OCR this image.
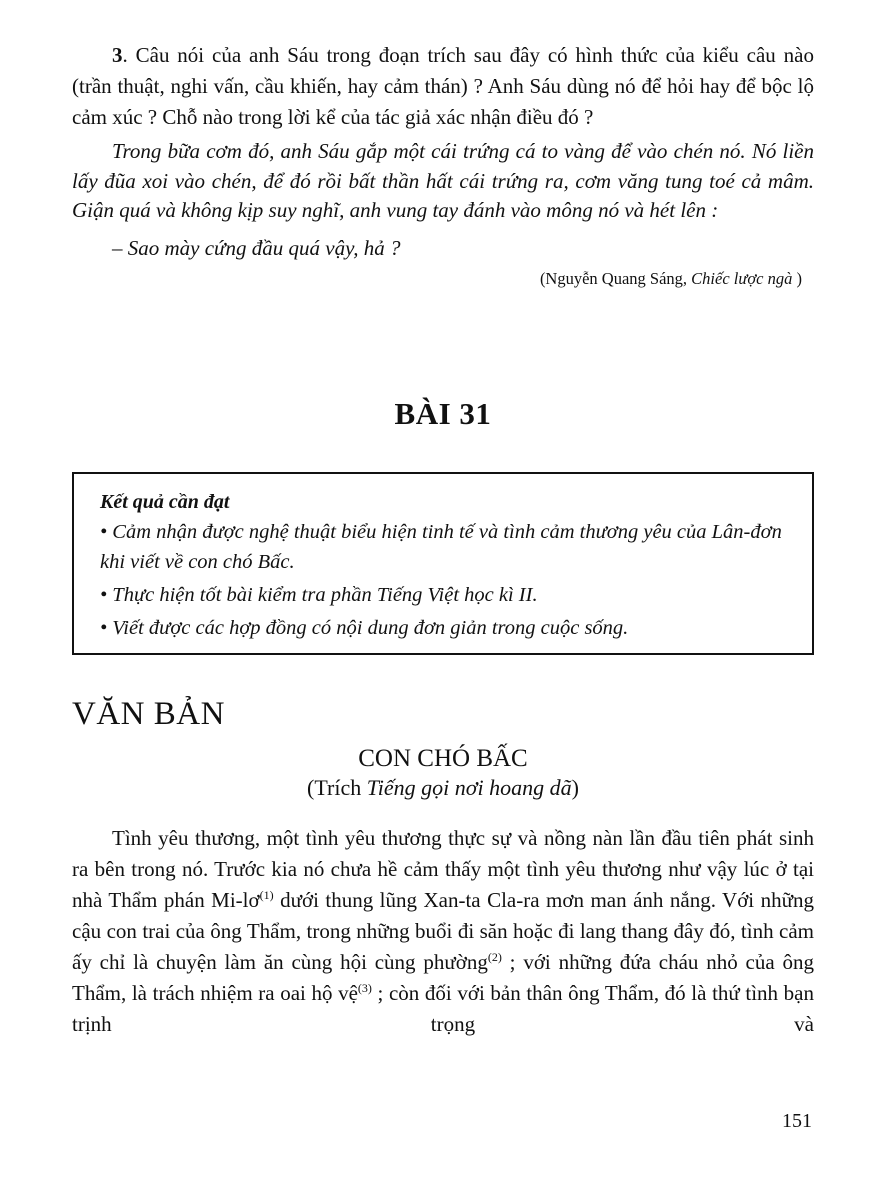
3. Câu nói của anh Sáu trong đoạn trích sau đây có hình thức của kiểu câu nào (trần thuật, nghi vấn, cầu khiến, hay cảm thán) ? Anh Sáu dùng nó để hỏi hay để bộc lộ cảm xúc ? Chỗ nào trong lời kể của tác giả xác nhận điều đó ?

Trong bữa cơm đó, anh Sáu gắp một cái trứng cá to vàng để vào chén nó. Nó liền lấy đũa xoi vào chén, để đó rồi bất thần hất cái trứng ra, cơm văng tung toé cả mâm. Giận quá và không kịp suy nghĩ, anh vung tay đánh vào mông nó và hét lên :

– Sao mày cứng đầu quá vậy, hả ?

(Nguyễn Quang Sáng, Chiếc lược ngà )

BÀI 31
Kết quả cần đạt
• Cảm nhận được nghệ thuật biểu hiện tinh tế và tình cảm thương yêu của Lân-đơn khi viết về con chó Bấc.
• Thực hiện tốt bài kiểm tra phần Tiếng Việt học kì II.
• Viết được các hợp đồng có nội dung đơn giản trong cuộc sống.
VĂN BẢN
CON CHÓ BẤC
(Trích Tiếng gọi nơi hoang dã)

Tình yêu thương, một tình yêu thương thực sự và nồng nàn lần đầu tiên phát sinh ra bên trong nó. Trước kia nó chưa hề cảm thấy một tình yêu thương như vậy lúc ở tại nhà Thẩm phán $Mi-lơ^{(1)}$ dưới thung lũng Xan-ta Cla-ra mơn man ánh nắng. Với những cậu con trai của ông Thẩm, trong những buổi đi săn hoặc đi lang thang đây đó, tình cảm ấy chỉ là chuyện làm ăn cùng hội cùng phường$^{(2)}$ ; với những đứa cháu nhỏ của ông Thẩm, là trách nhiệm ra oai hộ vệ$^{(3)}$ ; còn đối với bản thân ông Thẩm, đó là thứ tình bạn trịnh trọng và

151
